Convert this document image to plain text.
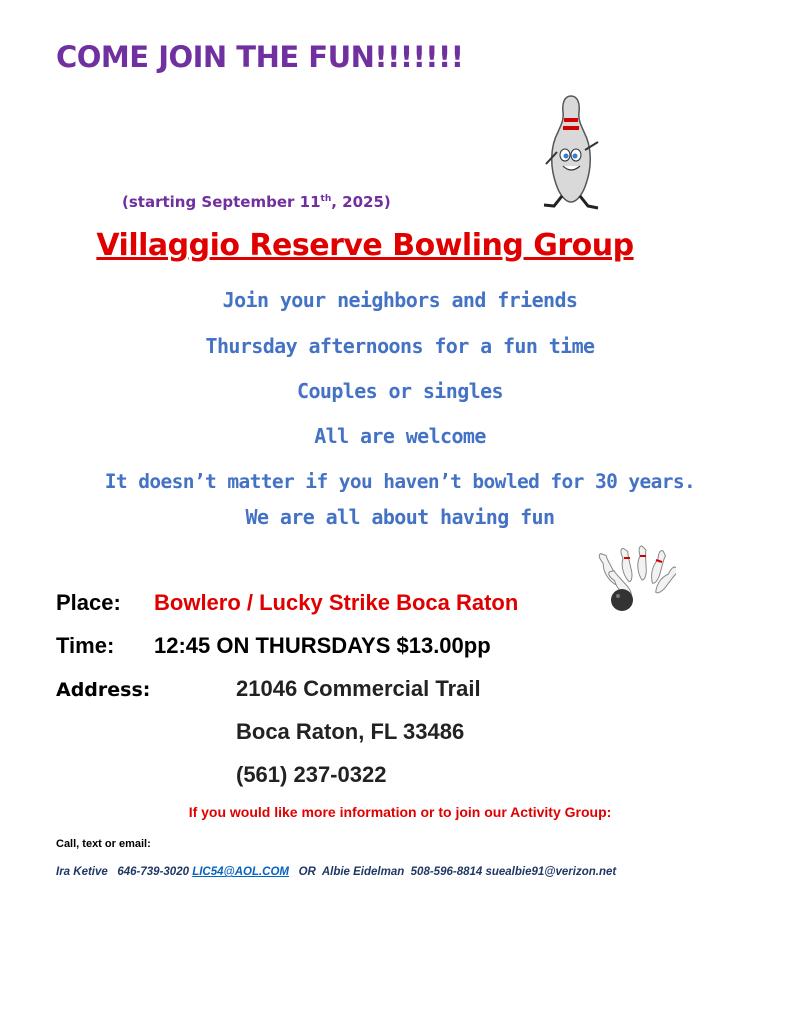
COME JOIN THE FUN!!!!!!!
(starting September 11th, 2025)
Villaggio Reserve Bowling Group
Join your neighbors and friends
Thursday afternoons for a fun time
Couples or singles
All are welcome
It doesn’t matter if you haven’t bowled for 30 years.
We are all about having fun
Place: Bowlero / Lucky Strike Boca Raton
Time: 12:45 ON THURSDAYS $13.00pp
Address:	21046 Commercial Trail
Boca Raton, FL 33486
(561) 237-0322
If you would like more information or to join our Activity Group:
Call, text or email:
Ira Ketive   646-739-3020 LIC54@AOL.COM   OR  Albie Eidelman  508-596-8814 suealbie91@verizon.net
